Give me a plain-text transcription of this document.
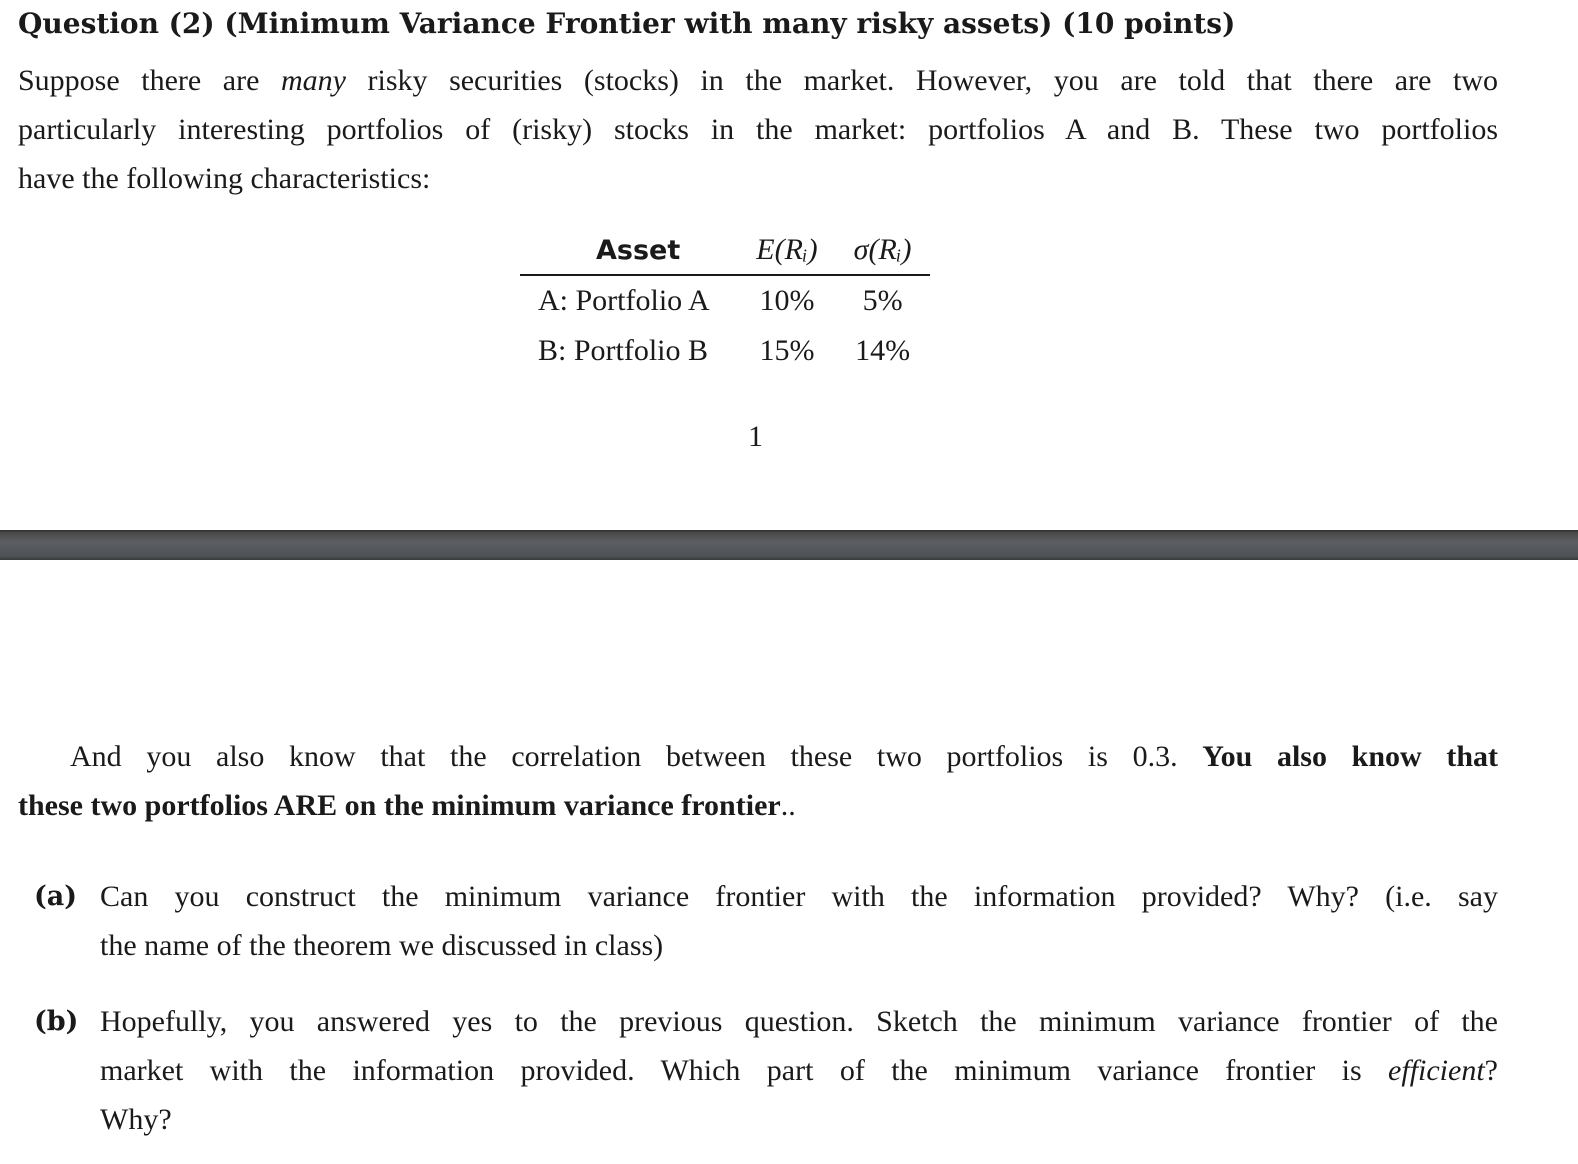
Question (2) (Minimum Variance Frontier with many risky assets) (10 points)
Suppose there are many risky securities (stocks) in the market. However, you are told that there are two
particularly interesting portfolios of (risky) stocks in the market: portfolios A and B. These two portfolios
have the following characteristics:
Asset	E(Rᵢ)	σ(Rᵢ)
A: Portfolio A	10%	5%
B: Portfolio B	15%	14%
1
And you also know that the correlation between these two portfolios is 0.3. You also know that
these two portfolios ARE on the minimum variance frontier..
(a) Can you construct the minimum variance frontier with the information provided? Why? (i.e. say
the name of the theorem we discussed in class)
(b) Hopefully, you answered yes to the previous question. Sketch the minimum variance frontier of the
market with the information provided. Which part of the minimum variance frontier is efficient?
Why?
